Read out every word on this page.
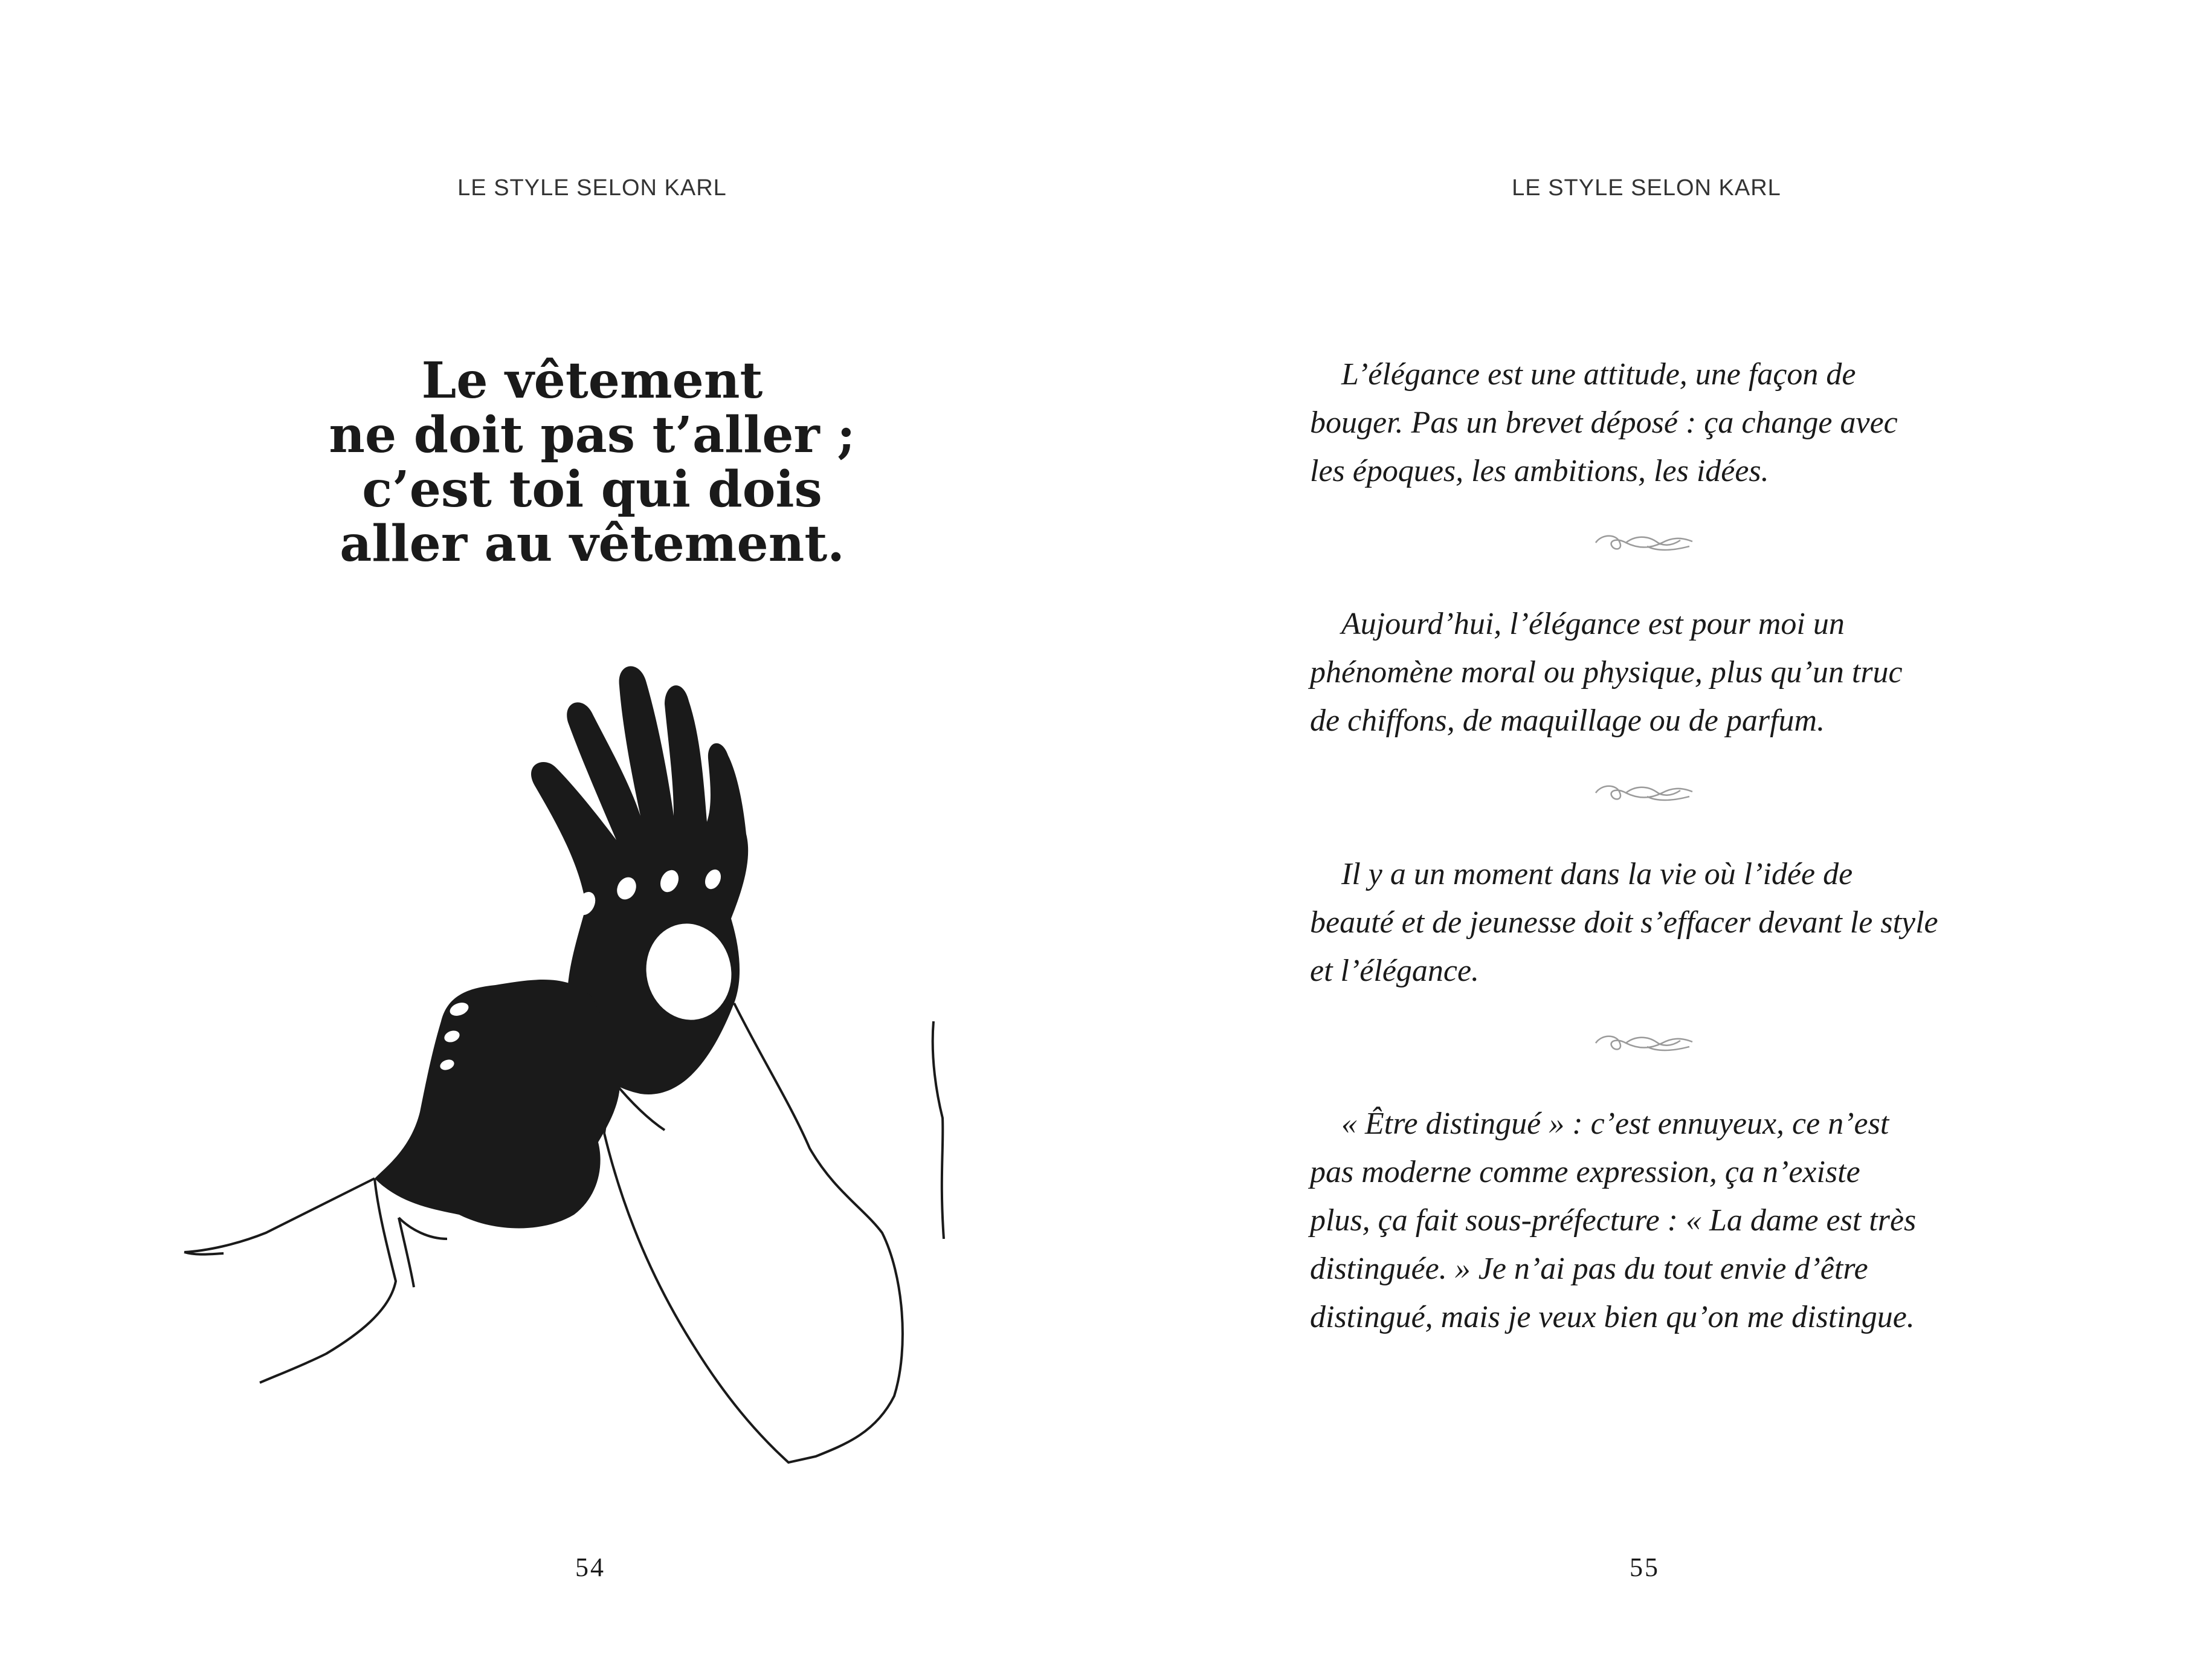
LE STYLE SELON KARL
Le vêtement
ne doit pas t’aller ;
c’est toi qui dois
aller au vêtement.
54
LE STYLE SELON KARL
L’élégance est une attitude, une façon de
bouger. Pas un brevet déposé : ça change avec
les époques, les ambitions, les idées.
Aujourd’hui, l’élégance est pour moi un
phénomène moral ou physique, plus qu’un truc
de chiffons, de maquillage ou de parfum.
Il y a un moment dans la vie où l’idée de
beauté et de jeunesse doit s’effacer devant le style
et l’élégance.
« Être distingué » : c’est ennuyeux, ce n’est
pas moderne comme expression, ça n’existe
plus, ça fait sous-préfecture : « La dame est très
distinguée. » Je n’ai pas du tout envie d’être
distingué, mais je veux bien qu’on me distingue.
55
